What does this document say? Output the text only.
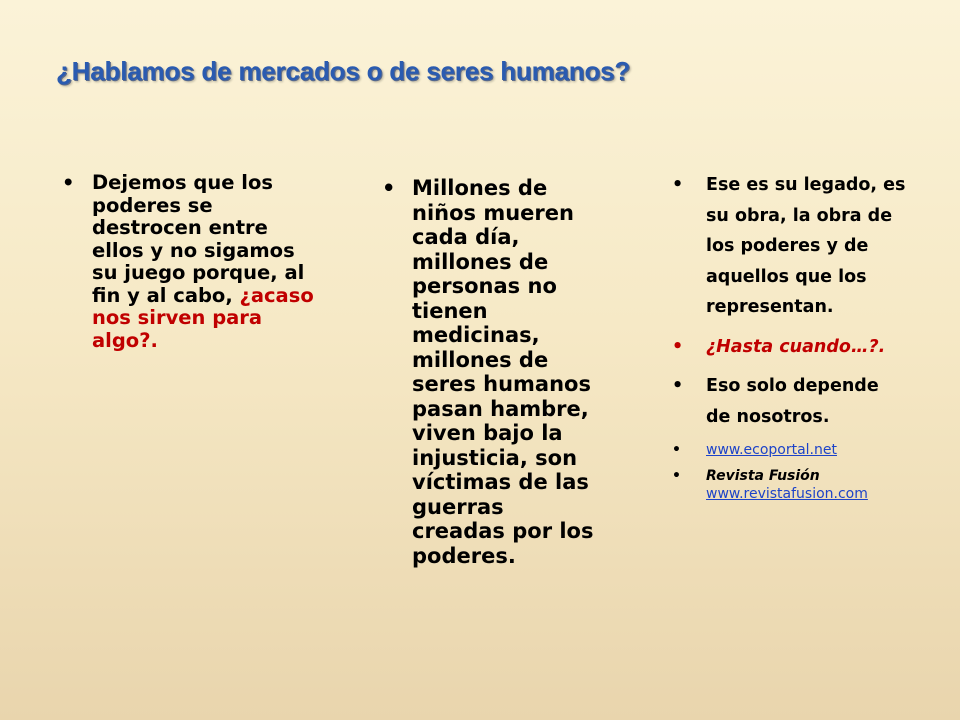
¿Hablamos de mercados o de seres humanos?
• Dejemos que los poderes se destrocen entre ellos y no sigamos su juego porque, al fin y al cabo, ¿acaso nos sirven para algo?.
• Millones de niños mueren cada día, millones de personas no tienen medicinas, millones de seres humanos pasan hambre, viven bajo la injusticia, son víctimas de las guerras creadas por los poderes.
• Ese es su legado, es su obra, la obra de los poderes y de aquellos que los representan.
• ¿Hasta cuando…?.
• Eso solo depende de nosotros.
• www.ecoportal.net
• Revista Fusión
www.revistafusion.com
